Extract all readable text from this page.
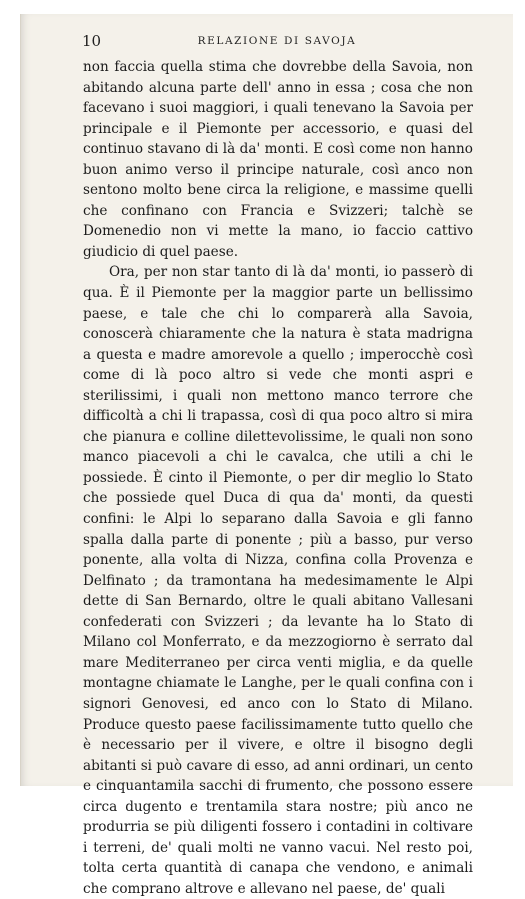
10	RELAZIONE DI SAVOJA

non faccia quella stima che dovrebbe della Savoia, non abitando alcuna parte dell' anno in essa ; cosa che non facevano i suoi maggiori, i quali tenevano la Savoia per principale e il Piemonte per accessorio, e quasi del continuo stavano di là da' monti. E così come non hanno buon animo verso il principe naturale, così anco non sentono molto bene circa la religione, e massime quelli che confinano con Francia e Svizzeri; talchè se Domenedio non vi mette la mano, io faccio cattivo giudicio di quel paese.

Ora, per non star tanto di là da' monti, io passerò di qua. È il Piemonte per la maggior parte un bellissimo paese, e tale che chi lo comparerà alla Savoia, conoscerà chiaramente che la natura è stata madrigna a questa e madre amorevole a quello ; imperocchè così come di là poco altro si vede che monti aspri e sterilissimi, i quali non mettono manco terrore che difficoltà a chi li trapassa, così di qua poco altro si mira che pianura e colline dilettevolissime, le quali non sono manco piacevoli a chi le cavalca, che utili a chi le possiede. È cinto il Piemonte, o per dir meglio lo Stato che possiede quel Duca di qua da' monti, da questi confini: le Alpi lo separano dalla Savoia e gli fanno spalla dalla parte di ponente ; più a basso, pur verso ponente, alla volta di Nizza, confina colla Provenza e Delfinato ; da tramontana ha medesimamente le Alpi dette di San Bernardo, oltre le quali abitano Vallesani confederati con Svizzeri ; da levante ha lo Stato di Milano col Monferrato, e da mezzogiorno è serrato dal mare Mediterraneo per circa venti miglia, e da quelle montagne chiamate le Langhe, per le quali confina con i signori Genovesi, ed anco con lo Stato di Milano. Produce questo paese facilissimamente tutto quello che è necessario per il vivere, e oltre il bisogno degli abitanti si può cavare di esso, ad anni ordinari, un cento e cinquantamila sacchi di frumento, che possono essere circa dugento e trentamila stara nostre; più anco ne produrria se più diligenti fossero i contadini in coltivare i terreni, de' quali molti ne vanno vacui. Nel resto poi, tolta certa quantità di canapa che vendono, e animali che comprano altrove e allevano nel paese, de' quali
